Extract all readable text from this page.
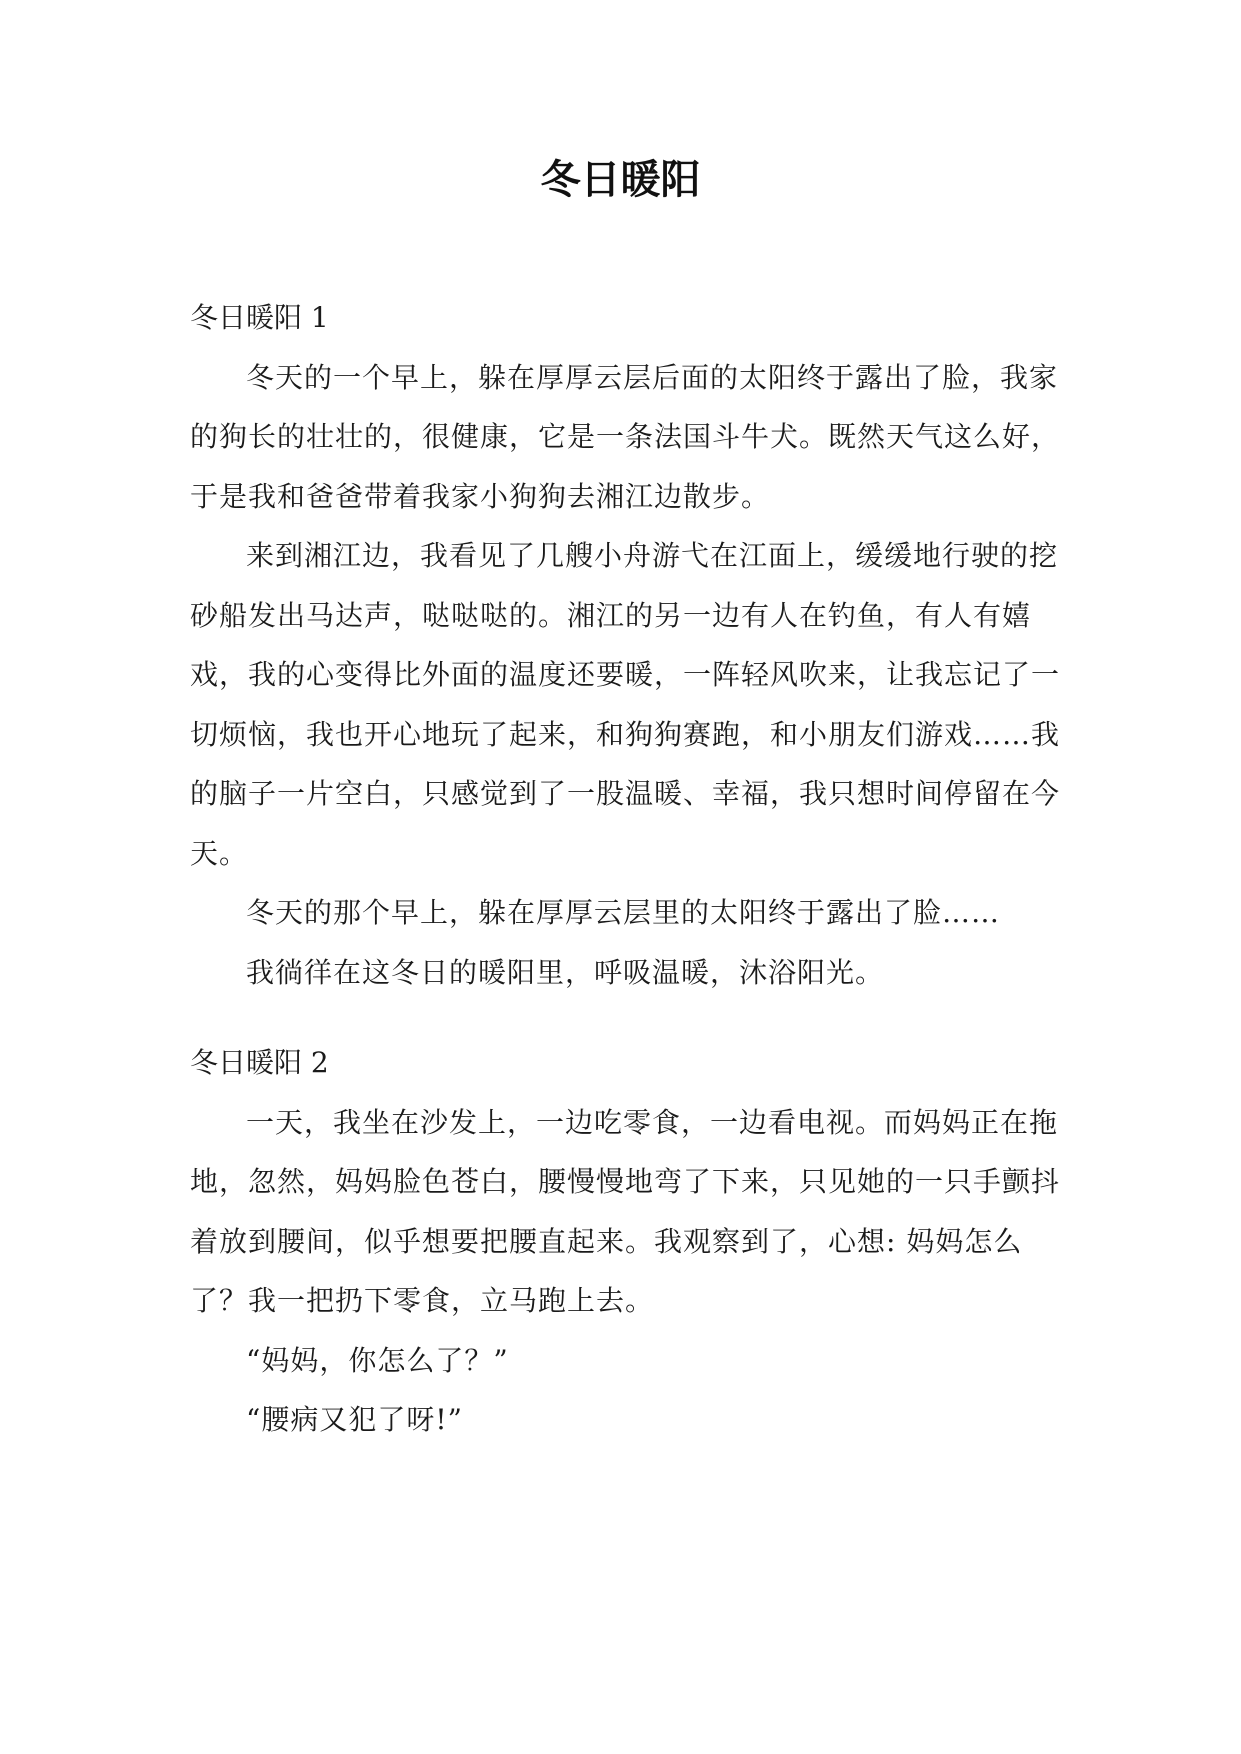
冬日暖阳

冬日暖阳 1

冬天的一个早上，躲在厚厚云层后面的太阳终于露出了脸，我家的狗长的壮壮的，很健康，它是一条法国斗牛犬。既然天气这么好，于是我和爸爸带着我家小狗狗去湘江边散步。

来到湘江边，我看见了几艘小舟游弋在江面上，缓缓地行驶的挖砂船发出马达声，哒哒哒的。湘江的另一边有人在钓鱼，有人有嬉戏，我的心变得比外面的温度还要暖，一阵轻风吹来，让我忘记了一切烦恼，我也开心地玩了起来，和狗狗赛跑，和小朋友们游戏……我的脑子一片空白，只感觉到了一股温暖、幸福，我只想时间停留在今天。

冬天的那个早上，躲在厚厚云层里的太阳终于露出了脸……

我徜徉在这冬日的暖阳里，呼吸温暖，沐浴阳光。

冬日暖阳 2

一天，我坐在沙发上，一边吃零食，一边看电视。而妈妈正在拖地，忽然，妈妈脸色苍白，腰慢慢地弯了下来，只见她的一只手颤抖着放到腰间，似乎想要把腰直起来。我观察到了，心想: 妈妈怎么了？我一把扔下零食，立马跑上去。

“妈妈，你怎么了？”

“腰病又犯了呀!”
